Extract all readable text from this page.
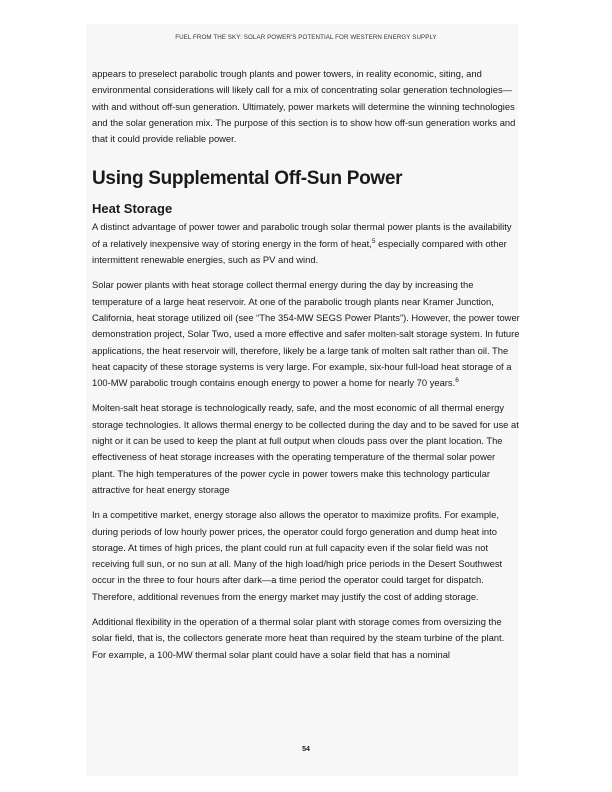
FUEL FROM THE SKY: SOLAR POWER'S POTENTIAL FOR WESTERN ENERGY SUPPLY

appears to preselect parabolic trough plants and power towers, in reality economic, siting, and environmental considerations will likely call for a mix of concentrating solar generation technologies—with and without off-sun generation. Ultimately, power markets will determine the winning technologies and the solar generation mix. The purpose of this section is to show how off-sun generation works and that it could provide reliable power.

Using Supplemental Off-Sun Power
Heat Storage

A distinct advantage of power tower and parabolic trough solar thermal power plants is the availability of a relatively inexpensive way of storing energy in the form of heat,$^5$ especially compared with other intermittent renewable energies, such as PV and wind.

Solar power plants with heat storage collect thermal energy during the day by increasing the temperature of a large heat reservoir. At one of the parabolic trough plants near Kramer Junction, California, heat storage utilized oil (see “The 354-MW SEGS Power Plants”). However, the power tower demonstration project, Solar Two, used a more effective and safer molten-salt storage system. In future applications, the heat reservoir will, therefore, likely be a large tank of molten salt rather than oil. The heat capacity of these storage systems is very large. For example, six-hour full-load heat storage of a 100-MW parabolic trough contains enough energy to power a home for nearly 70 years.$^6$

Molten-salt heat storage is technologically ready, safe, and the most economic of all thermal energy storage technologies. It allows thermal energy to be collected during the day and to be saved for use at night or it can be used to keep the plant at full output when clouds pass over the plant location. The effectiveness of heat storage increases with the operating temperature of the thermal solar power plant. The high temperatures of the power cycle in power towers make this technology particular attractive for heat energy storage

In a competitive market, energy storage also allows the operator to maximize profits. For example, during periods of low hourly power prices, the operator could forgo generation and dump heat into storage. At times of high prices, the plant could run at full capacity even if the solar field was not receiving full sun, or no sun at all. Many of the high load/high price periods in the Desert Southwest occur in the three to four hours after dark—a time period the operator could target for dispatch. Therefore, additional revenues from the energy market may justify the cost of adding storage.

Additional flexibility in the operation of a thermal solar plant with storage comes from oversizing the solar field, that is, the collectors generate more heat than required by the steam turbine of the plant. For example, a 100-MW thermal solar plant could have a solar field that has a nominal

54
